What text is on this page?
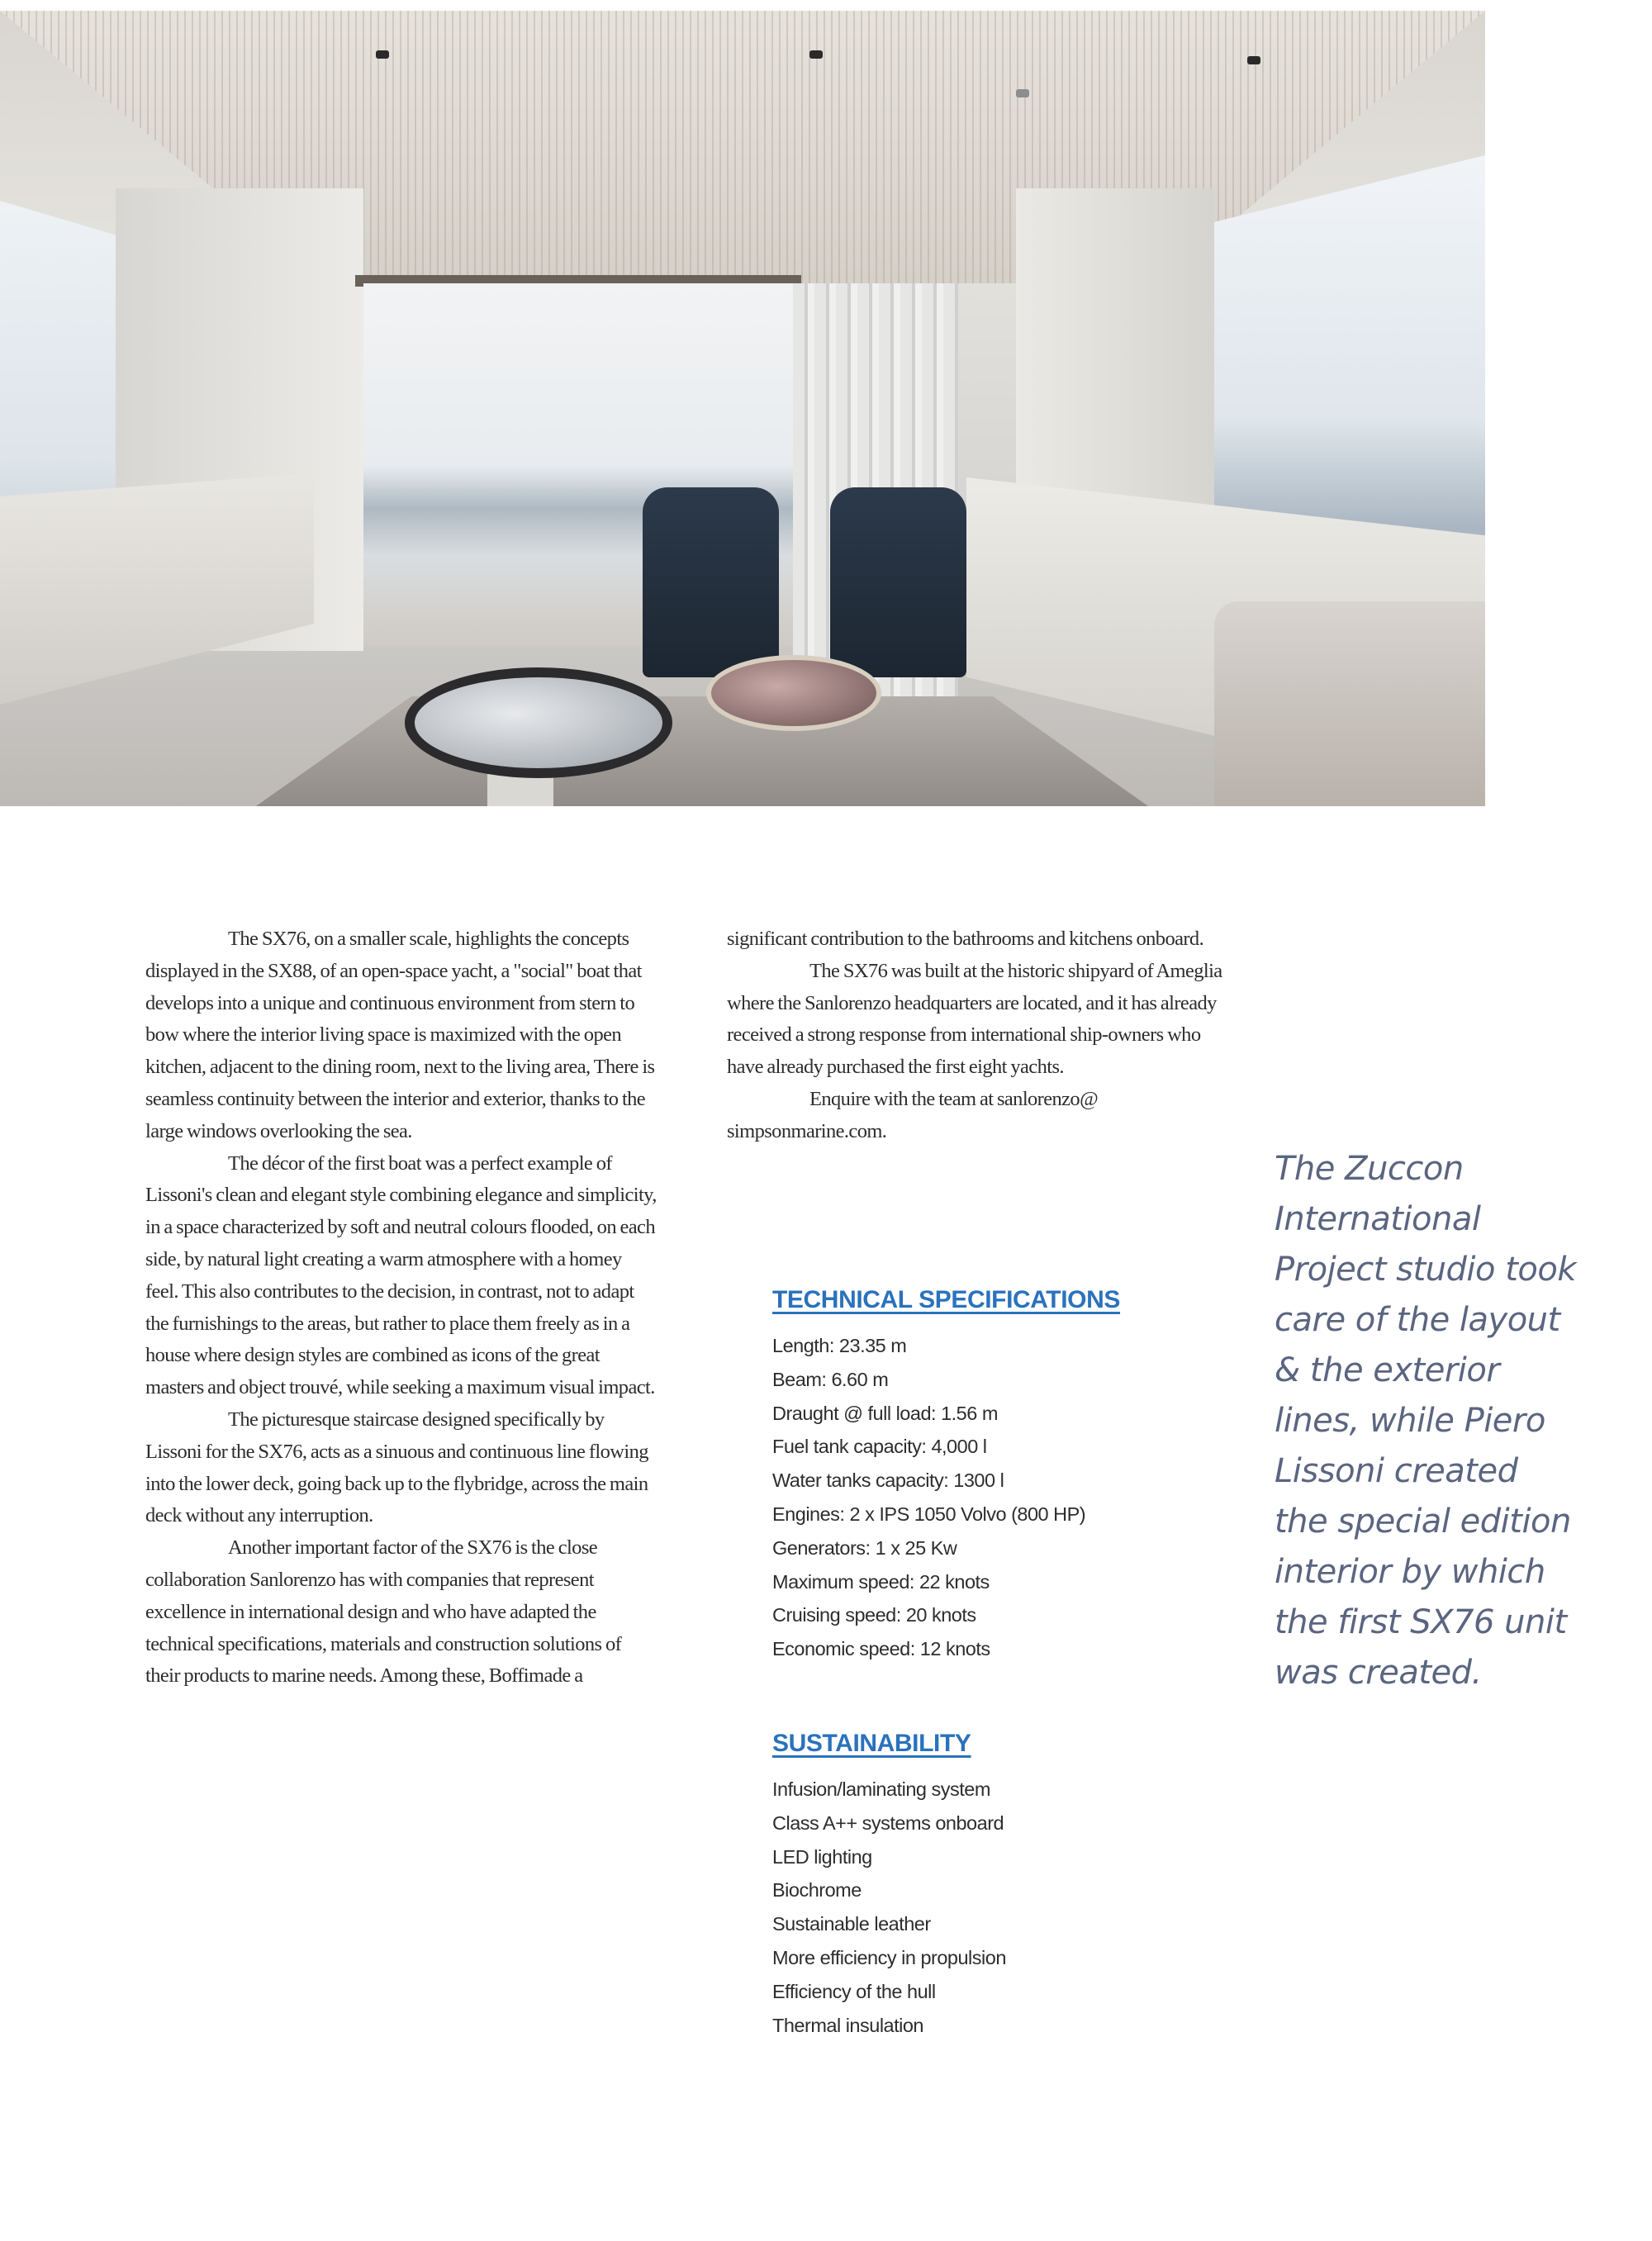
The SX76, on a smaller scale, highlights the concepts displayed in the SX88, of an open-space yacht, a "social" boat that develops into a unique and continuous environment from stern to bow where the interior living space is maximized with the open kitchen, adjacent to the dining room, next to the living area, There is seamless continuity between the interior and exterior, thanks to the large windows overlooking the sea.

The décor of the first boat was a perfect example of Lissoni's clean and elegant style combining elegance and simplicity, in a space characterized by soft and neutral colours flooded, on each side, by natural light creating a warm atmosphere with a homey feel. This also contributes to the decision, in contrast, not to adapt the furnishings to the areas, but rather to place them freely as in a house where design styles are combined as icons of the great masters and object trouvé, while seeking a maximum visual impact.

The picturesque staircase designed specifically by Lissoni for the SX76, acts as a sinuous and continuous line flowing into the lower deck, going back up to the flybridge, across the main deck without any interruption.

Another important factor of the SX76 is the close collaboration Sanlorenzo has with companies that represent excellence in international design and who have adapted the technical specifications, materials and construction solutions of their products to marine needs. Among these, Boffimade a

significant contribution to the bathrooms and kitchens onboard.

The SX76 was built at the historic shipyard of Ameglia where the Sanlorenzo headquarters are located, and it has already received a strong response from international ship-owners who have already purchased the first eight yachts.

Enquire with the team at sanlorenzo@ simpsonmarine.com.

TECHNICAL SPECIFICATIONS
Length: 23.35 m
Beam: 6.60 m
Draught @ full load: 1.56 m
Fuel tank capacity: 4,000 l
Water tanks capacity: 1300 l
Engines: 2 x IPS 1050 Volvo (800 HP)
Generators: 1 x 25 Kw
Maximum speed: 22 knots
Cruising speed: 20 knots
Economic speed: 12 knots
SUSTAINABILITY
Infusion/laminating system
Class A++ systems onboard
LED lighting
Biochrome
Sustainable leather
More efficiency in propulsion
Efficiency of the hull
Thermal insulation
The Zuccon
International
Project studio took
care of the layout
& the exterior
lines, while Piero
Lissoni created
the special edition
interior by which
the first SX76 unit
was created.
